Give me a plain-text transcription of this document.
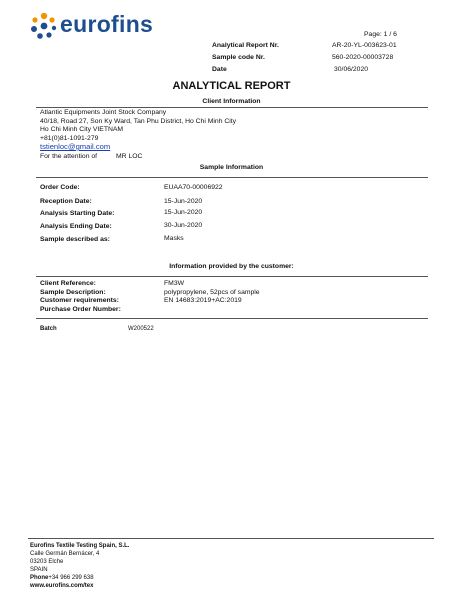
eurofins	Page: 1 / 6
Analytical Report Nr.	AR-20-YL-003623-01
Sample code Nr.	560-2020-00003728
Date	30/06/2020
ANALYTICAL REPORT
Client Information
Atlantic Equipments Joint Stock Company
40/18, Road 27, Son Ky Ward, Tan Phu District, Ho Chi Minh City
Ho Chi Minh City VIETNAM
+81(0)81-1091-279
tstienloc@gmail.com
For the attention of	MR LOC
Sample Information
Order Code:	EUAA70-00006922
Reception Date:	15-Jun-2020
Analysis Starting Date:	15-Jun-2020
Analysis Ending Date:	30-Jun-2020
Sample described as:	Masks
Information provided by the customer:
Client Reference:	FM3W
Sample Description:	polypropylene, 52pcs of sample
Customer requirements:	EN 14683:2019+AC:2019
Purchase Order Number:
Batch	W200522
Eurofins Textile Testing Spain, S.L.
Calle Germán Bernácer, 4
03203 Elche
SPAIN
Phone+34 966 299 638
www.eurofins.com/tex
